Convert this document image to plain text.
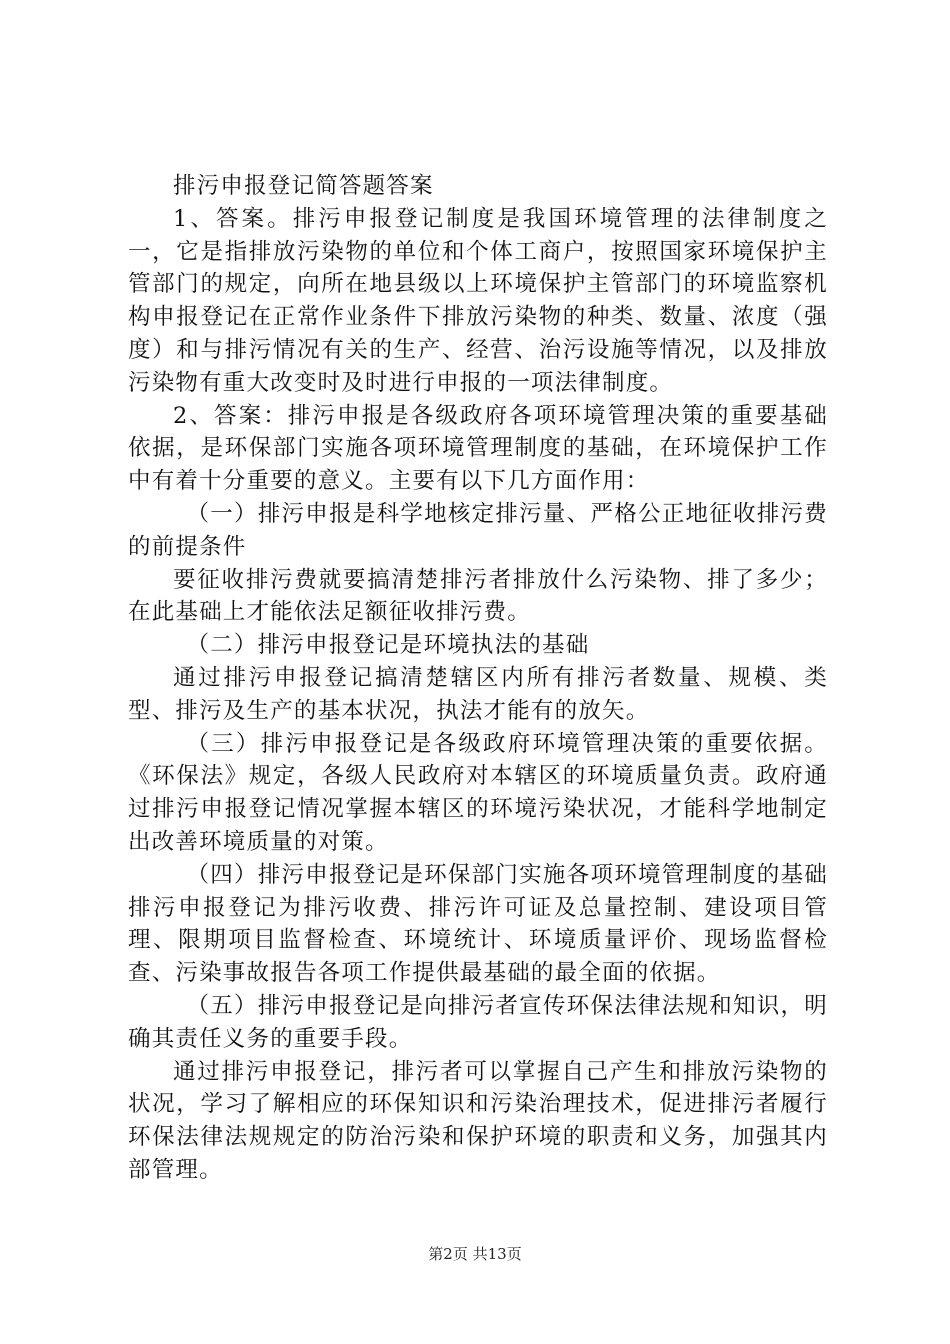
排污申报登记简答题答案

1、答案。排污申报登记制度是我国环境管理的法律制度之一，它是指排放污染物的单位和个体工商户，按照国家环境保护主管部门的规定，向所在地县级以上环境保护主管部门的环境监察机构申报登记在正常作业条件下排放污染物的种类、数量、浓度（强度）和与排污情况有关的生产、经营、治污设施等情况，以及排放污染物有重大改变时及时进行申报的一项法律制度。

2、答案：排污申报是各级政府各项环境管理决策的重要基础依据，是环保部门实施各项环境管理制度的基础，在环境保护工作中有着十分重要的意义。主要有以下几方面作用：

（一）排污申报是科学地核定排污量、严格公正地征收排污费的前提条件

要征收排污费就要搞清楚排污者排放什么污染物、排了多少；在此基础上才能依法足额征收排污费。

（二）排污申报登记是环境执法的基础

通过排污申报登记搞清楚辖区内所有排污者数量、规模、类型、排污及生产的基本状况，执法才能有的放矢。

（三）排污申报登记是各级政府环境管理决策的重要依据。《环保法》规定，各级人民政府对本辖区的环境质量负责。政府通过排污申报登记情况掌握本辖区的环境污染状况，才能科学地制定出改善环境质量的对策。

（四）排污申报登记是环保部门实施各项环境管理制度的基础排污申报登记为排污收费、排污许可证及总量控制、建设项目管理、限期项目监督检查、环境统计、环境质量评价、现场监督检查、污染事故报告各项工作提供最基础的最全面的依据。

（五）排污申报登记是向排污者宣传环保法律法规和知识，明确其责任义务的重要手段。

通过排污申报登记，排污者可以掌握自己产生和排放污染物的状况，学习了解相应的环保知识和污染治理技术，促进排污者履行环保法律法规规定的防治污染和保护环境的职责和义务，加强其内部管理。

第2页 共13页
